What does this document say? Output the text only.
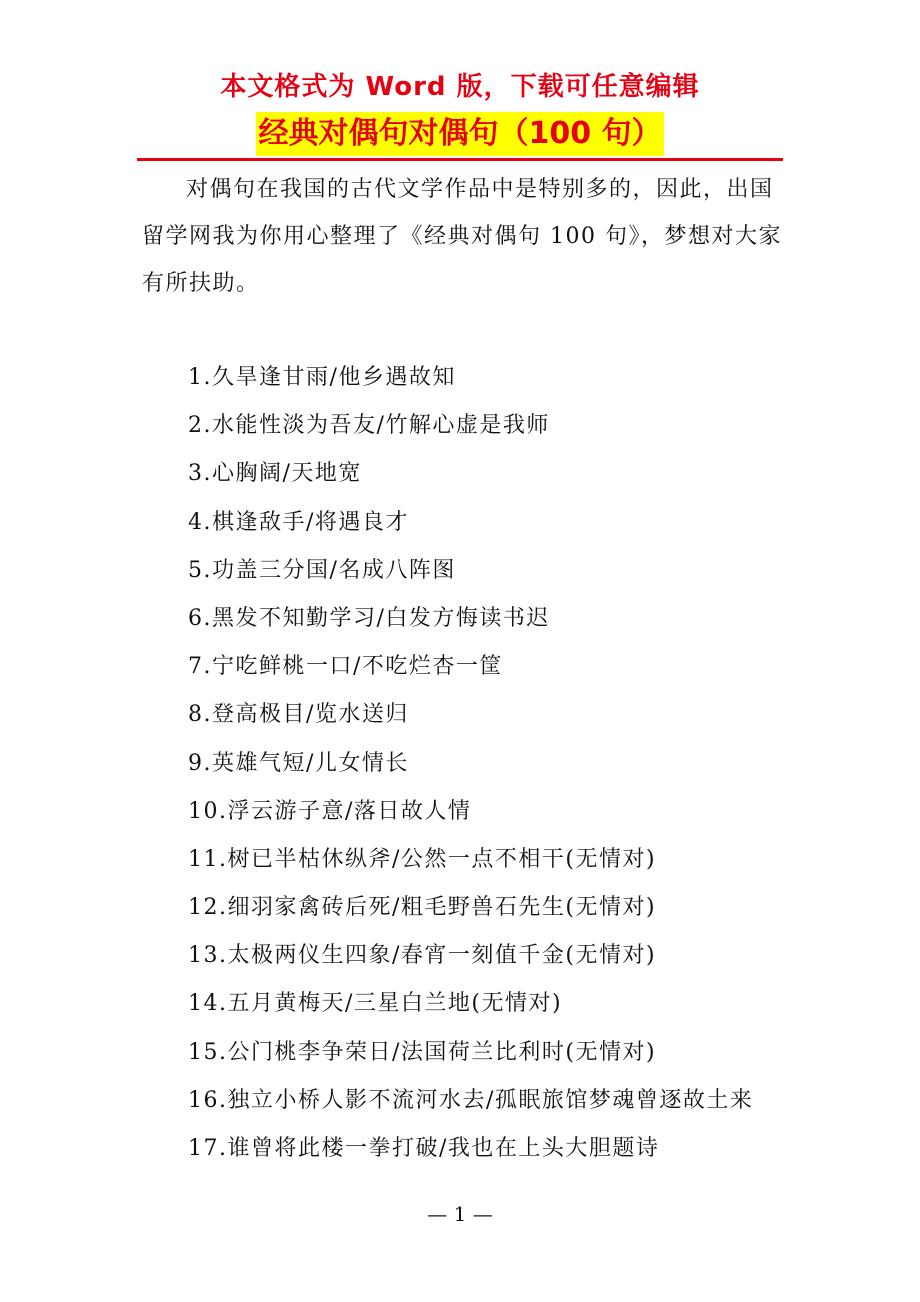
本文格式为 Word 版，下载可任意编辑
经典对偶句对偶句（100 句）

对偶句在我国的古代文学作品中是特别多的，因此，出国留学网我为你用心整理了《经典对偶句 100 句》，梦想对大家有所扶助。

1.久旱逢甘雨/他乡遇故知
2.水能性淡为吾友/竹解心虚是我师
3.心胸阔/天地宽
4.棋逢敌手/将遇良才
5.功盖三分国/名成八阵图
6.黑发不知勤学习/白发方悔读书迟
7.宁吃鲜桃一口/不吃烂杏一筐
8.登高极目/览水送归
9.英雄气短/儿女情长
10.浮云游子意/落日故人情
11.树已半枯休纵斧/公然一点不相干(无情对)
12.细羽家禽砖后死/粗毛野兽石先生(无情对)
13.太极两仪生四象/春宵一刻值千金(无情对)
14.五月黄梅天/三星白兰地(无情对)
15.公门桃李争荣日/法国荷兰比利时(无情对)
16.独立小桥人影不流河水去/孤眠旅馆梦魂曾逐故土来
17.谁曾将此楼一拳打破/我也在上头大胆题诗
— 1 —
